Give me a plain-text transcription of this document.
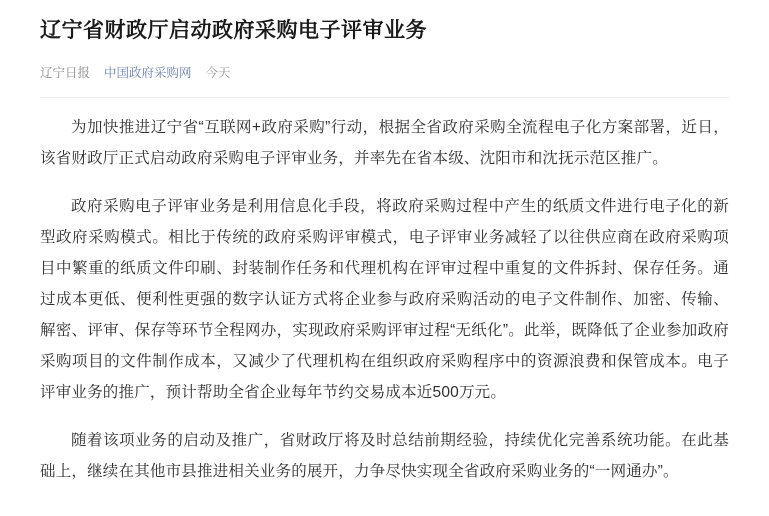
辽宁省财政厅启动政府采购电子评审业务
辽宁日报 中国政府采购网 今天

为加快推进辽宁省“互联网+政府采购”行动，根据全省政府采购全流程电子化方案部署，近日，该省财政厅正式启动政府采购电子评审业务，并率先在省本级、沈阳市和沈抚示范区推广。

政府采购电子评审业务是利用信息化手段，将政府采购过程中产生的纸质文件进行电子化的新型政府采购模式。相比于传统的政府采购评审模式，电子评审业务减轻了以往供应商在政府采购项目中繁重的纸质文件印刷、封装制作任务和代理机构在评审过程中重复的文件拆封、保存任务。通过成本更低、便利性更强的数字认证方式将企业参与政府采购活动的电子文件制作、加密、传输、解密、评审、保存等环节全程网办，实现政府采购评审过程“无纸化”。此举，既降低了企业参加政府采购项目的文件制作成本，又减少了代理机构在组织政府采购程序中的资源浪费和保管成本。电子评审业务的推广，预计帮助全省企业每年节约交易成本近500万元。

随着该项业务的启动及推广，省财政厅将及时总结前期经验，持续优化完善系统功能。在此基础上，继续在其他市县推进相关业务的展开，力争尽快实现全省政府采购业务的“一网通办”。
